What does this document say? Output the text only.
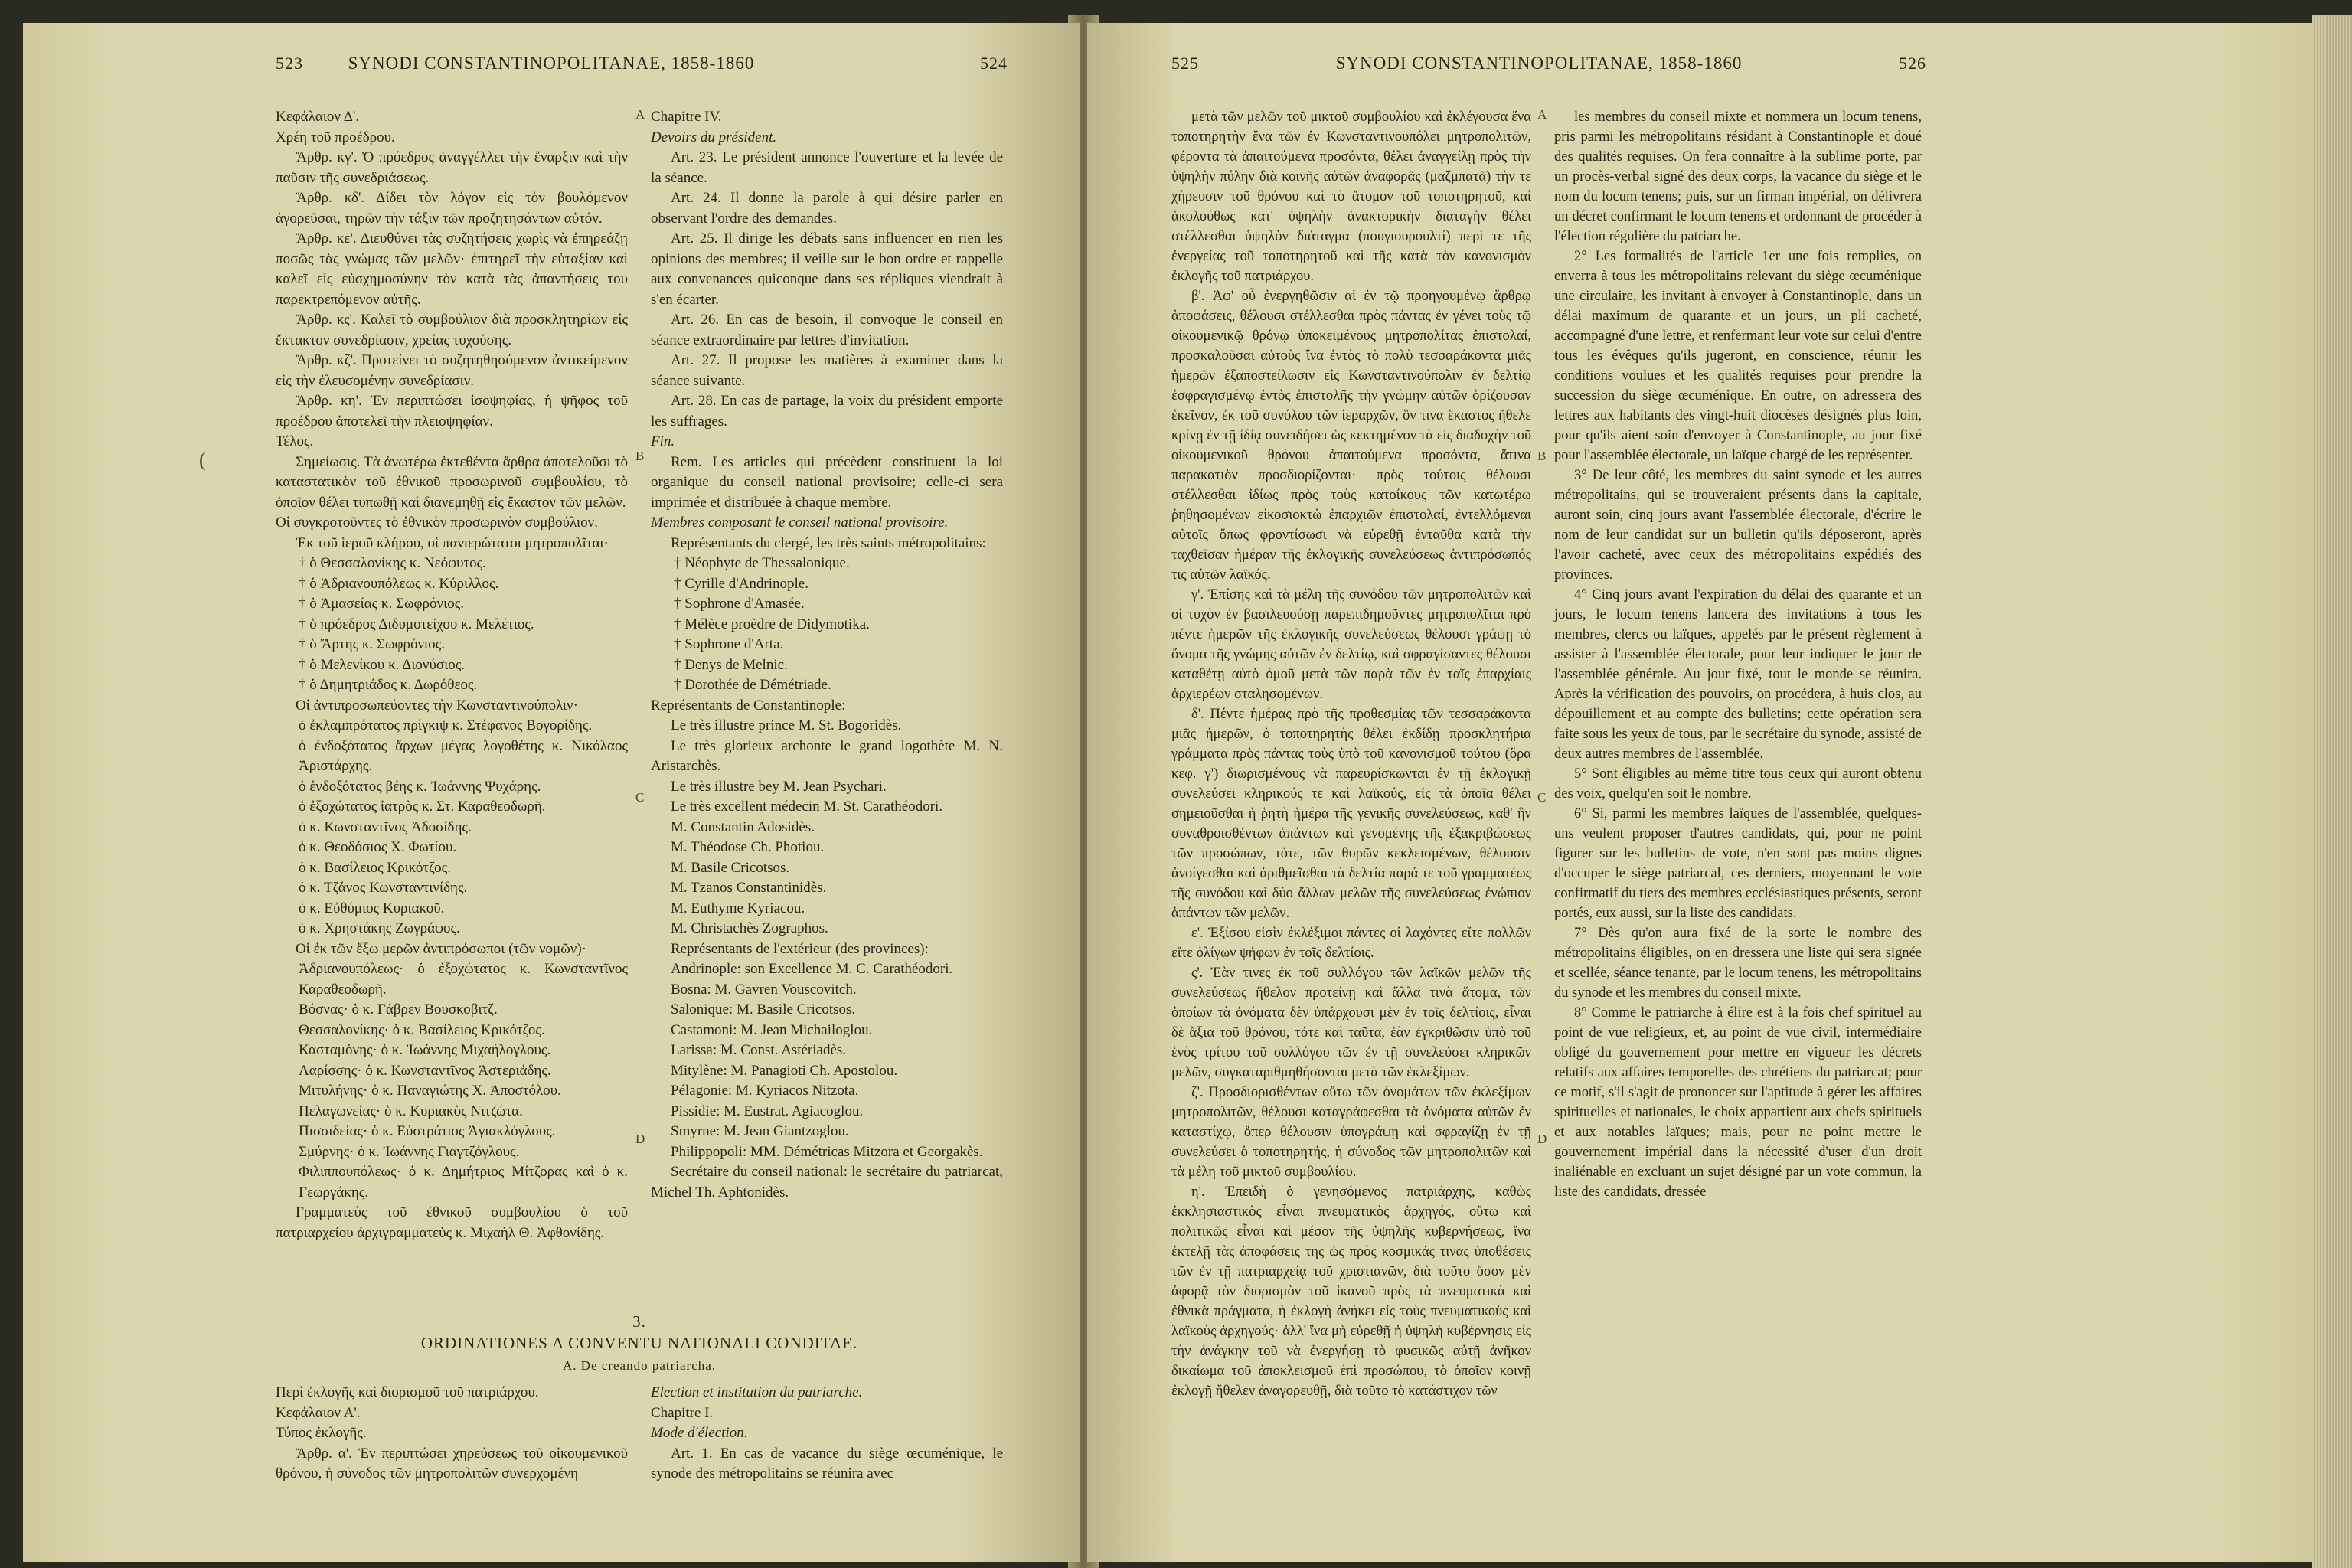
523	SYNODI CONSTANTINOPOLITANAE, 1858-1860	524

Κεφάλαιον Δ'.

Χρέη τοῦ προέδρου.

Ἄρθρ. κγ'. Ὁ πρόεδρος ἀναγγέλλει τὴν ἔναρξιν καὶ τὴν παῦσιν τῆς συνεδριάσεως.

Ἄρθρ. κδ'. Δίδει τὸν λόγον εἰς τὸν βουλόμενον ἀγορεῦσαι, τηρῶν τὴν τάξιν τῶν προζητησάντων αὐτόν.

Ἄρθρ. κε'. Διευθύνει τὰς συζητήσεις χωρὶς νὰ ἐπηρεάζῃ ποσῶς τὰς γνώμας τῶν μελῶν· ἐπιτηρεῖ τὴν εὐταξίαν καὶ καλεῖ εἰς εὐσχημοσύνην τὸν κατὰ τὰς ἀπαντήσεις του παρεκτρεπόμενον αὐτῆς.

Ἄρθρ. κς'. Καλεῖ τὸ συμβούλιον διὰ προσκλητηρίων εἰς ἔκτακτον συνεδρίασιν, χρείας τυχούσης.

Ἄρθρ. κζ'. Προτείνει τὸ συζητηθησόμενον ἀντικείμενον εἰς τὴν ἐλευσομένην συνεδρίασιν.

Ἄρθρ. κη'. Ἐν περιπτώσει ἰσοψηφίας, ἡ ψῆφος τοῦ προέδρου ἀποτελεῖ τὴν πλειοψηφίαν.

Τέλος.

Σημείωσις. Τὰ ἀνωτέρω ἐκτεθέντα ἄρθρα ἀποτελοῦσι τὸ καταστατικὸν τοῦ ἐθνικοῦ προσωρινοῦ συμβουλίου, τὸ ὁποῖον θέλει τυπωθῇ καὶ διανεμηθῇ εἰς ἕκαστον τῶν μελῶν.

Οἱ συγκροτοῦντες τὸ ἐθνικὸν προσωρινὸν συμβούλιον.

Ἐκ τοῦ ἱεροῦ κλήρου, οἱ πανιερώτατοι μητροπολῖται·

† ὁ Θεσσαλονίκης κ. Νεόφυτος.

† ὁ Ἀδριανουπόλεως κ. Κύριλλος.

† ὁ Ἀμασείας κ. Σωφρόνιος.

† ὁ πρόεδρος Διδυμοτείχου κ. Μελέτιος.

† ὁ Ἄρτης κ. Σωφρόνιος.

† ὁ Μελενίκου κ. Διονύσιος.

† ὁ Δημητριάδος κ. Δωρόθεος.

Οἱ ἀντιπροσωπεύοντες τὴν Κωνσταντινούπολιν·

ὁ ἐκλαμπρότατος πρίγκιψ κ. Στέφανος Βογορίδης.

ὁ ἐνδοξότατος ἄρχων μέγας λογοθέτης κ. Νικόλαος Ἀριστάρχης.

ὁ ἐνδοξότατος βέης κ. Ἰωάννης Ψυχάρης.

ὁ ἐξοχώτατος ἰατρὸς κ. Στ. Καραθεοδωρῆ.

ὁ κ. Κωνσταντῖνος Ἀδοσίδης.

ὁ κ. Θεοδόσιος Χ. Φωτίου.

ὁ κ. Βασίλειος Κρικότζος.

ὁ κ. Τζάνος Κωνσταντινίδης.

ὁ κ. Εὐθύμιος Κυριακοῦ.

ὁ κ. Χρηστάκης Ζωγράφος.

Οἱ ἐκ τῶν ἔξω μερῶν ἀντιπρόσωποι (τῶν νομῶν)·

Ἀδριανουπόλεως· ὁ ἐξοχώτατος κ. Κωνσταντῖνος Καραθεοδωρῆ.

Βόσνας· ὁ κ. Γάβρεν Βουσκοβιτζ.

Θεσσαλονίκης· ὁ κ. Βασίλειος Κρικότζος.

Κασταμόνης· ὁ κ. Ἰωάννης Μιχαήλογλους.

Λαρίσσης· ὁ κ. Κωνσταντῖνος Ἀστεριάδης.

Μιτυλήνης· ὁ κ. Παναγιώτης Χ. Ἀποστόλου.

Πελαγωνείας· ὁ κ. Κυριακὸς Νιτζώτα.

Πισσιδείας· ὁ κ. Εὐστράτιος Ἀγιακλόγλους.

Σμύρνης· ὁ κ. Ἰωάννης Γιαγτζόγλους.

Φιλιππουπόλεως· ὁ κ. Δημήτριος Μίτζορας καὶ ὁ κ. Γεωργάκης.

Γραμματεὺς τοῦ ἐθνικοῦ συμβουλίου ὁ τοῦ πατριαρχείου ἀρχιγραμματεὺς κ. Μιχαὴλ Θ. Ἀφθονίδης.

Chapitre IV.

Devoirs du président.

Art. 23. Le président annonce l'ouverture et la levée de la séance.

Art. 24. Il donne la parole à qui désire parler en observant l'ordre des demandes.

Art. 25. Il dirige les débats sans influencer en rien les opinions des membres; il veille sur le bon ordre et rappelle aux convenances quiconque dans ses répliques viendrait à s'en écarter.

Art. 26. En cas de besoin, il convoque le conseil en séance extraordinaire par lettres d'invitation.

Art. 27. Il propose les matières à examiner dans la séance suivante.

Art. 28. En cas de partage, la voix du président emporte les suffrages.

Fin.

Rem. Les articles qui précèdent constituent la loi organique du conseil national provisoire; celle-ci sera imprimée et distribuée à chaque membre.

Membres composant le conseil national provisoire.

Représentants du clergé, les très saints métropolitains:

† Néophyte de Thessalonique.

† Cyrille d'Andrinople.

† Sophrone d'Amasée.

† Mélèce proèdre de Didymotika.

† Sophrone d'Arta.

† Denys de Melnic.

† Dorothée de Démétriade.

Représentants de Constantinople:

Le très illustre prince M. St. Bogoridès.

Le très glorieux archonte le grand logothète M. N. Aristarchès.

Le très illustre bey M. Jean Psychari.

Le très excellent médecin M. St. Carathéodori.

M. Constantin Adosidès.

M. Théodose Ch. Photiou.

M. Basile Cricotsos.

M. Tzanos Constantinidès.

M. Euthyme Kyriacou.

M. Christachès Zographos.

Représentants de l'extérieur (des provinces):

Andrinople: son Excellence M. C. Carathéodori.

Bosna: M. Gavren Vouscovitch.

Salonique: M. Basile Cricotsos.

Castamoni: M. Jean Michailoglou.

Larissa: M. Const. Astériadès.

Mitylène: M. Panagioti Ch. Apostolou.

Pélagonie: M. Kyriacos Nitzota.

Pissidie: M. Eustrat. Agiacoglou.

Smyrne: M. Jean Giantzoglou.

Philippopoli: MM. Démétricas Mitzora et Georgakès.

Secrétaire du conseil national: le secrétaire du patriarcat, Michel Th. Aphtonidès.

3.
ORDINATIONES A CONVENTU NATIONALI CONDITAE.
A. De creando patriarcha.

Περὶ ἐκλογῆς καὶ διορισμοῦ τοῦ πατριάρχου.

Κεφάλαιον Α'.

Τύπος ἐκλογῆς.

Ἄρθρ. α'. Ἐν περιπτώσει χηρεύσεως τοῦ οἰκουμενικοῦ θρόνου, ἡ σύνοδος τῶν μητροπολιτῶν συνερχομένη

Election et institution du patriarche.

Chapitre I.

Mode d'élection.

Art. 1. En cas de vacance du siège œcuménique, le synode des métropolitains se réunira avec

A
B
C
D
(
525	SYNODI CONSTANTINOPOLITANAE, 1858-1860	526

μετὰ τῶν μελῶν τοῦ μικτοῦ συμβουλίου καὶ ἐκλέγουσα ἕνα τοποτηρητὴν ἕνα τῶν ἐν Κωνσταντινουπόλει μητροπολιτῶν, φέροντα τὰ ἀπαιτούμενα προσόντα, θέλει ἀναγγείλῃ πρὸς τὴν ὑψηλὴν πύλην διὰ κοινῆς αὐτῶν ἀναφορᾶς (μαζμπατᾶ) τὴν τε χήρευσιν τοῦ θρόνου καὶ τὸ ἄτομον τοῦ τοποτηρητοῦ, καὶ ἀκολούθως κατ' ὑψηλὴν ἀνακτορικὴν διαταγὴν θέλει στέλλεσθαι ὑψηλὸν διάταγμα (πουγιουρουλτί) περὶ τε τῆς ἐνεργείας τοῦ τοποτηρητοῦ καὶ τῆς κατὰ τὸν κανονισμὸν ἐκλογῆς τοῦ πατριάρχου.

β'. Ἀφ' οὗ ἐνεργηθῶσιν αἱ ἐν τῷ προηγουμένῳ ἄρθρῳ ἀποφάσεις, θέλουσι στέλλεσθαι πρὸς πάντας ἐν γένει τοὺς τῷ οἰκουμενικῷ θρόνῳ ὑποκειμένους μητροπολίτας ἐπιστολαί, προσκαλοῦσαι αὐτοὺς ἵνα ἐντὸς τὸ πολὺ τεσσαράκοντα μιᾶς ἡμερῶν ἐξαποστείλωσιν εἰς Κωνσταντινούπολιν ἐν δελτίῳ ἐσφραγισμένῳ ἐντὸς ἐπιστολῆς τὴν γνώμην αὐτῶν ὁρίζουσαν ἐκεῖνον, ἐκ τοῦ συνόλου τῶν ἱεραρχῶν, ὃν τινα ἕκαστος ἤθελε κρίνῃ ἐν τῇ ἰδίᾳ συνειδήσει ὡς κεκτημένον τὰ εἰς διαδοχὴν τοῦ οἰκουμενικοῦ θρόνου ἀπαιτούμενα προσόντα, ἅτινα παρακατιὸν προσδιορίζονται· πρὸς τούτοις θέλουσι στέλλεσθαι ἰδίως πρὸς τοὺς κατοίκους τῶν κατωτέρω ῥηθησομένων εἰκοσιοκτὼ ἐπαρχιῶν ἐπιστολαί, ἐντελλόμεναι αὐτοῖς ὅπως φροντίσωσι νὰ εὑρεθῇ ἐνταῦθα κατὰ τὴν ταχθεῖσαν ἡμέραν τῆς ἐκλογικῆς συνελεύσεως ἀντιπρόσωπός τις αὐτῶν λαϊκός.

γ'. Ἐπίσης καὶ τὰ μέλη τῆς συνόδου τῶν μητροπολιτῶν καὶ οἱ τυχὸν ἐν βασιλευούσῃ παρεπιδημοῦντες μητροπολῖται πρὸ πέντε ἡμερῶν τῆς ἐκλογικῆς συνελεύσεως θέλουσι γράψῃ τὸ ὄνομα τῆς γνώμης αὐτῶν ἐν δελτίῳ, καὶ σφραγίσαντες θέλουσι καταθέτῃ αὐτὸ ὁμοῦ μετὰ τῶν παρὰ τῶν ἐν ταῖς ἐπαρχίαις ἀρχιερέων σταλησομένων.

δ'. Πέντε ἡμέρας πρὸ τῆς προθεσμίας τῶν τεσσαράκοντα μιᾶς ἡμερῶν, ὁ τοποτηρητὴς θέλει ἐκδίδῃ προσκλητήρια γράμματα πρὸς πάντας τοὺς ὑπὸ τοῦ κανονισμοῦ τούτου (ὅρα κεφ. γ') διωρισμένους νὰ παρευρίσκωνται ἐν τῇ ἐκλογικῇ συνελεύσει κληρικούς τε καὶ λαϊκούς, εἰς τὰ ὁποῖα θέλει σημειοῦσθαι ἡ ῥητὴ ἡμέρα τῆς γενικῆς συνελεύσεως, καθ' ἣν συναθροισθέντων ἁπάντων καὶ γενομένης τῆς ἐξακριβώσεως τῶν προσώπων, τότε, τῶν θυρῶν κεκλεισμένων, θέλουσιν ἀνοίγεσθαι καὶ ἀριθμεῖσθαι τὰ δελτία παρά τε τοῦ γραμματέως τῆς συνόδου καὶ δύο ἄλλων μελῶν τῆς συνελεύσεως ἐνώπιον ἁπάντων τῶν μελῶν.

ε'. Ἐξίσου εἰσὶν ἐκλέξιμοι πάντες οἱ λαχόντες εἴτε πολλῶν εἴτε ὀλίγων ψήφων ἐν τοῖς δελτίοις.

ς'. Ἐὰν τινες ἐκ τοῦ συλλόγου τῶν λαϊκῶν μελῶν τῆς συνελεύσεως ἤθελον προτείνῃ καὶ ἄλλα τινὰ ἄτομα, τῶν ὁποίων τὰ ὀνόματα δὲν ὑπάρχουσι μὲν ἐν τοῖς δελτίοις, εἶναι δὲ ἄξια τοῦ θρόνου, τότε καὶ ταῦτα, ἐὰν ἐγκριθῶσιν ὑπὸ τοῦ ἑνὸς τρίτου τοῦ συλλόγου τῶν ἐν τῇ συνελεύσει κληρικῶν μελῶν, συγκαταριθμηθήσονται μετὰ τῶν ἐκλεξίμων.

ζ'. Προσδιορισθέντων οὕτω τῶν ὀνομάτων τῶν ἐκλεξίμων μητροπολιτῶν, θέλουσι καταγράφεσθαι τὰ ὀνόματα αὐτῶν ἐν καταστίχῳ, ὅπερ θέλουσιν ὑπογράψῃ καὶ σφραγίζῃ ἐν τῇ συνελεύσει ὁ τοποτηρητής, ἡ σύνοδος τῶν μητροπολιτῶν καὶ τὰ μέλη τοῦ μικτοῦ συμβουλίου.

η'. Ἐπειδὴ ὁ γενησόμενος πατριάρχης, καθὼς ἐκκλησιαστικὸς εἶναι πνευματικὸς ἀρχηγός, οὕτω καὶ πολιτικῶς εἶναι καὶ μέσον τῆς ὑψηλῆς κυβερνήσεως, ἵνα ἐκτελῇ τὰς ἀποφάσεις της ὡς πρὸς κοσμικάς τινας ὑποθέσεις τῶν ἐν τῇ πατριαρχείᾳ τοῦ χριστιανῶν, διὰ τοῦτο ὅσον μὲν ἀφορᾷ τὸν διορισμὸν τοῦ ἱκανοῦ πρὸς τὰ πνευματικὰ καὶ ἐθνικὰ πράγματα, ἡ ἐκλογὴ ἀνήκει εἰς τοὺς πνευματικοὺς καὶ λαϊκοὺς ἀρχηγούς· ἀλλ' ἵνα μὴ εὑρεθῇ ἡ ὑψηλὴ κυβέρνησις εἰς τὴν ἀνάγκην τοῦ νὰ ἐνεργήσῃ τὸ φυσικῶς αὐτῇ ἀνῆκον δικαίωμα τοῦ ἀποκλεισμοῦ ἐπὶ προσώπου, τὸ ὁποῖον κοινῇ ἐκλογῇ ἤθελεν ἀναγορευθῇ, διὰ τοῦτο τὸ κατάστιχον τῶν

les membres du conseil mixte et nommera un locum tenens, pris parmi les métropolitains résidant à Constantinople et doué des qualités requises. On fera connaître à la sublime porte, par un procès-verbal signé des deux corps, la vacance du siège et le nom du locum tenens; puis, sur un firman impérial, on délivrera un décret confirmant le locum tenens et ordonnant de procéder à l'élection régulière du patriarche.

2° Les formalités de l'article 1er une fois remplies, on enverra à tous les métropolitains relevant du siège œcuménique une circulaire, les invitant à envoyer à Constantinople, dans un délai maximum de quarante et un jours, un pli cacheté, accompagné d'une lettre, et renfermant leur vote sur celui d'entre tous les évêques qu'ils jugeront, en conscience, réunir les conditions voulues et les qualités requises pour prendre la succession du siège œcuménique. En outre, on adressera des lettres aux habitants des vingt-huit diocèses désignés plus loin, pour qu'ils aient soin d'envoyer à Constantinople, au jour fixé pour l'assemblée électorale, un laïque chargé de les représenter.

3° De leur côté, les membres du saint synode et les autres métropolitains, qui se trouveraient présents dans la capitale, auront soin, cinq jours avant l'assemblée électorale, d'écrire le nom de leur candidat sur un bulletin qu'ils déposeront, après l'avoir cacheté, avec ceux des métropolitains expédiés des provinces.

4° Cinq jours avant l'expiration du délai des quarante et un jours, le locum tenens lancera des invitations à tous les membres, clercs ou laïques, appelés par le présent règlement à assister à l'assemblée électorale, pour leur indiquer le jour de l'assemblée générale. Au jour fixé, tout le monde se réunira. Après la vérification des pouvoirs, on procédera, à huis clos, au dépouillement et au compte des bulletins; cette opération sera faite sous les yeux de tous, par le secrétaire du synode, assisté de deux autres membres de l'assemblée.

5° Sont éligibles au même titre tous ceux qui auront obtenu des voix, quelqu'en soit le nombre.

6° Si, parmi les membres laïques de l'assemblée, quelques-uns veulent proposer d'autres candidats, qui, pour ne point figurer sur les bulletins de vote, n'en sont pas moins dignes d'occuper le siège patriarcal, ces derniers, moyennant le vote confirmatif du tiers des membres ecclésiastiques présents, seront portés, eux aussi, sur la liste des candidats.

7° Dès qu'on aura fixé de la sorte le nombre des métropolitains éligibles, on en dressera une liste qui sera signée et scellée, séance tenante, par le locum tenens, les métropolitains du synode et les membres du conseil mixte.

8° Comme le patriarche à élire est à la fois chef spirituel au point de vue religieux, et, au point de vue civil, intermédiaire obligé du gouvernement pour mettre en vigueur les décrets relatifs aux affaires temporelles des chrétiens du patriarcat; pour ce motif, s'il s'agit de prononcer sur l'aptitude à gérer les affaires spirituelles et nationales, le choix appartient aux chefs spirituels et aux notables laïques; mais, pour ne point mettre le gouvernement impérial dans la nécessité d'user d'un droit inaliénable en excluant un sujet désigné par un vote commun, la liste des candidats, dressée

A
B
C
D
